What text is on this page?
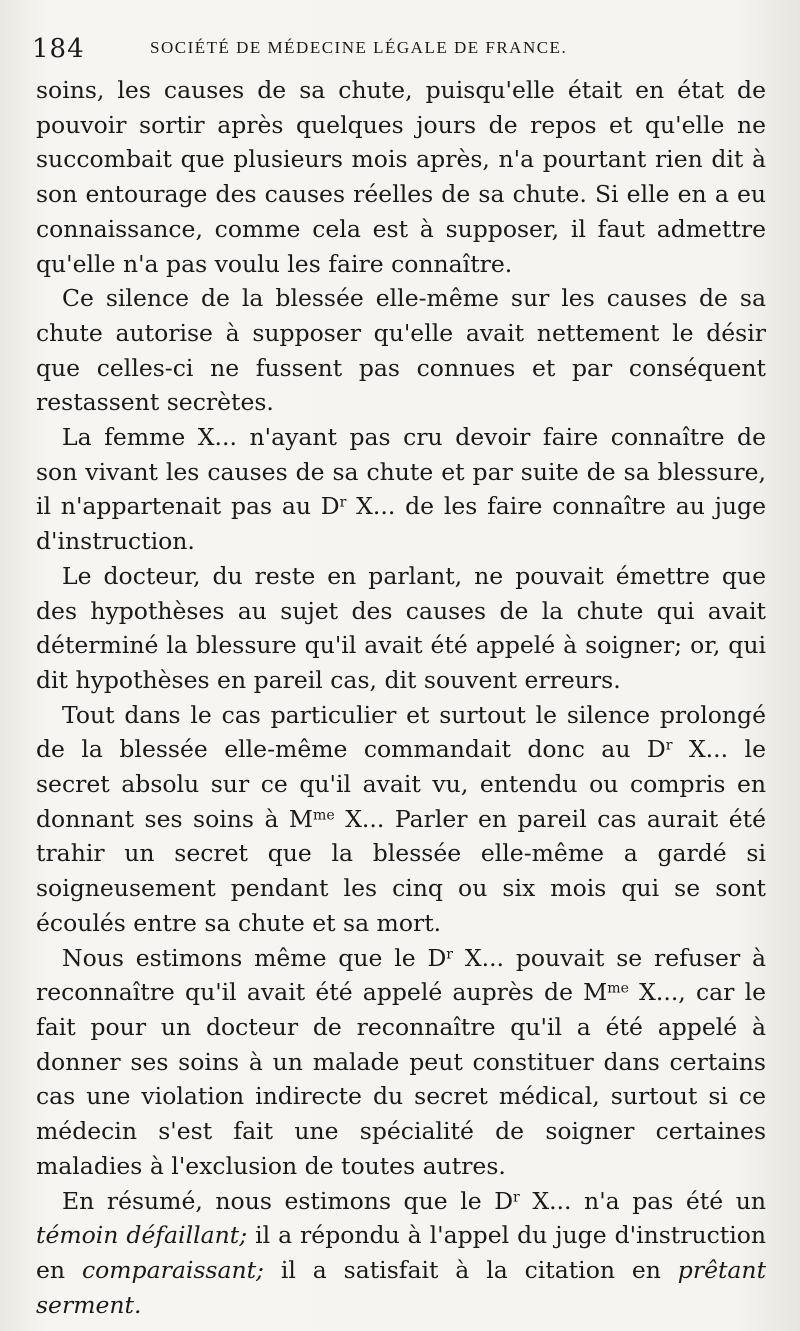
184	SOCIÉTÉ DE MÉDECINE LÉGALE DE FRANCE.

soins, les causes de sa chute, puisqu'elle était en état de pouvoir sortir après quelques jours de repos et qu'elle ne succombait que plusieurs mois après, n'a pourtant rien dit à son entourage des causes réelles de sa chute. Si elle en a eu connaissance, comme cela est à supposer, il faut admettre qu'elle n'a pas voulu les faire connaître.

Ce silence de la blessée elle-même sur les causes de sa chute autorise à supposer qu'elle avait nettement le désir que celles-ci ne fussent pas connues et par conséquent restassent secrètes.

La femme X... n'ayant pas cru devoir faire connaître de son vivant les causes de sa chute et par suite de sa blessure, il n'appartenait pas au $D^r$ X... de les faire connaître au juge d'instruction.

Le docteur, du reste en parlant, ne pouvait émettre que des hypothèses au sujet des causes de la chute qui avait déterminé la blessure qu'il avait été appelé à soigner; or, qui dit hypothèses en pareil cas, dit souvent erreurs.

Tout dans le cas particulier et surtout le silence prolongé de la blessée elle-même commandait donc au $D^r$ X... le secret absolu sur ce qu'il avait vu, entendu ou compris en donnant ses soins à $M^{me}$ X... Parler en pareil cas aurait été trahir un secret que la blessée elle-même a gardé si soigneusement pendant les cinq ou six mois qui se sont écoulés entre sa chute et sa mort.

Nous estimons même que le $D^r$ X... pouvait se refuser à reconnaître qu'il avait été appelé auprès de $M^{me}$ X..., car le fait pour un docteur de reconnaître qu'il a été appelé à donner ses soins à un malade peut constituer dans certains cas une violation indirecte du secret médical, surtout si ce médecin s'est fait une spécialité de soigner certaines maladies à l'exclusion de toutes autres.

En résumé, nous estimons que le $D^r$ X... n'a pas été un témoin défaillant; il a répondu à l'appel du juge d'instruction en comparaissant; il a satisfait à la citation en prêtant serment.
